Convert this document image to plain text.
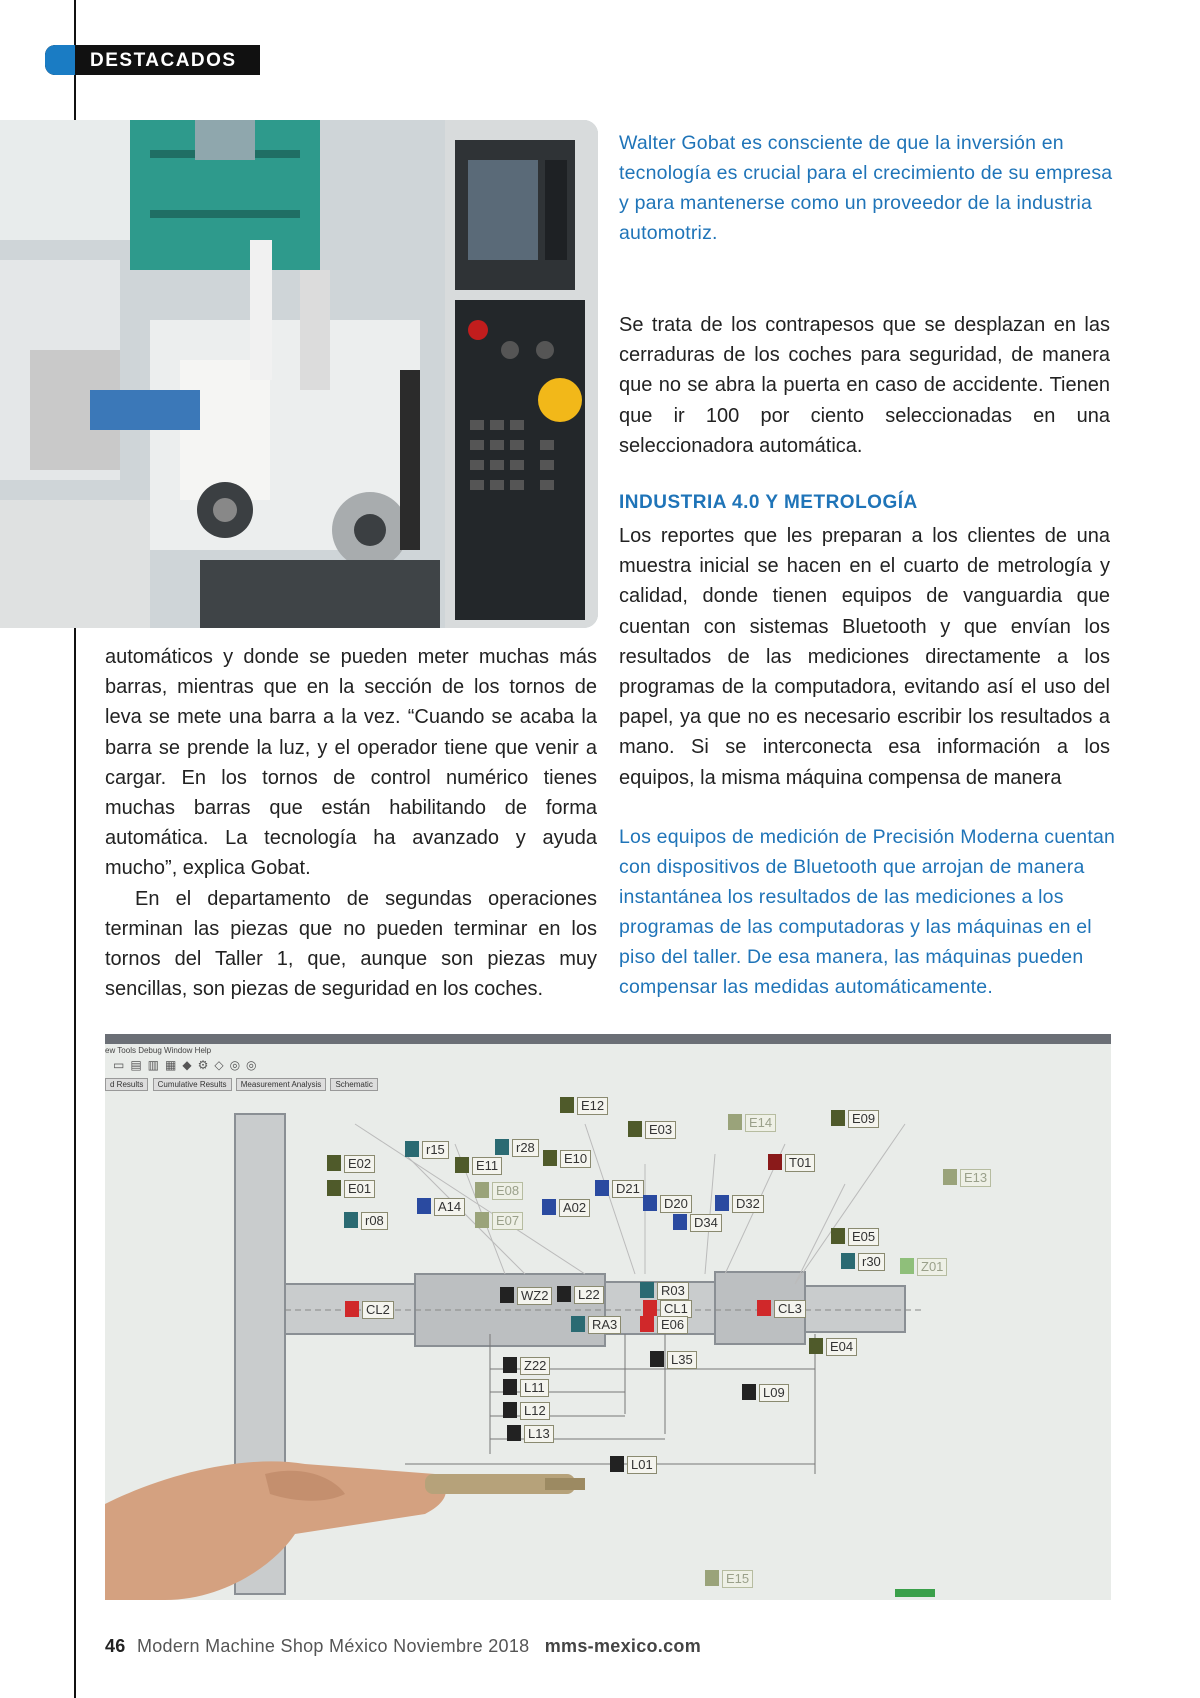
DESTACADOS
Walter Gobat es consciente de que la inversión en tecnología es crucial para el crecimiento de su empresa y para mantenerse como un proveedor de la industria automotriz.

Se trata de los contrapesos que se desplazan en las cerraduras de los coches para seguridad, de manera que no se abra la puerta en caso de accidente. Tienen que ir 100 por ciento seleccionadas en una seleccionadora automática.

INDUSTRIA 4.0 Y METROLOGÍA

Los reportes que les preparan a los clientes de una muestra inicial se hacen en el cuarto de metrología y calidad, donde tienen equipos de vanguardia que cuentan con sistemas Bluetooth y que envían los resultados de las mediciones directamente a los programas de la computadora, evitando así el uso del papel, ya que no es necesario escribir los resultados a mano. Si se interconecta esa información a los equipos, la misma máquina compensa de manera

automáticos y donde se pueden meter muchas más barras, mientras que en la sección de los tornos de leva se mete una barra a la vez. “Cuando se acaba la barra se prende la luz, y el operador tiene que venir a cargar. En los tornos de control numérico tienes muchas barras que están habilitando de forma automática. La tecnología ha avanzado y ayuda mucho”, explica Gobat.

En el departamento de segundas operaciones terminan las piezas que no pueden terminar en los tornos del Taller 1, que, aunque son piezas muy sencillas, son piezas de seguridad en los coches.

Los equipos de medición de Precisión Moderna cuentan con dispositivos de Bluetooth que arrojan de manera instantánea los resultados de las mediciones a los programas de las computadoras y las máquinas en el piso del taller. De esa manera, las máquinas pueden compensar las medidas automáticamente.
ew Tools Debug Window Help
▭▤▥▦◆⚙◇◎◎
d Results Cumulative Results Measurement Analysis Schematic
E12
E03	E14	E09
E02
r15
E11
r28
E10	T01
E13
E01
A14
E08	D21
A02	D20	D32
r08	E07	D34
E05
r30	Z01
CL2
WZ2	L22	R03
CL1
RA3	E06
CL3
E04
L35
Z22
L11	L09
L12
L13
L01
E15
46 Modern Machine Shop México Noviembre 2018 mms-mexico.com
